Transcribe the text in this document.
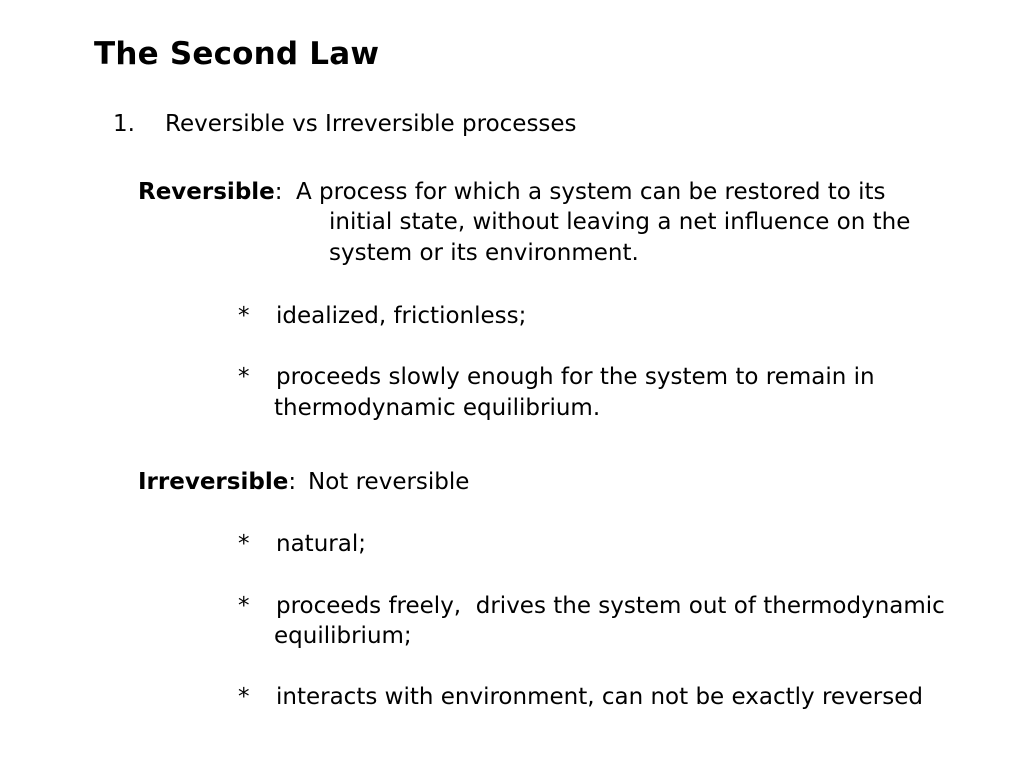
The Second Law
1. Reversible vs Irreversible processes
Reversible: A process for which a system can be restored to its
initial state, without leaving a net influence on the
system or its environment.
* idealized, frictionless;
* proceeds slowly enough for the system to remain in
thermodynamic equilibrium.
Irreversible: Not reversible
* natural;
* proceeds freely,  drives the system out of thermodynamic
equilibrium;
* interacts with environment, can not be exactly reversed
